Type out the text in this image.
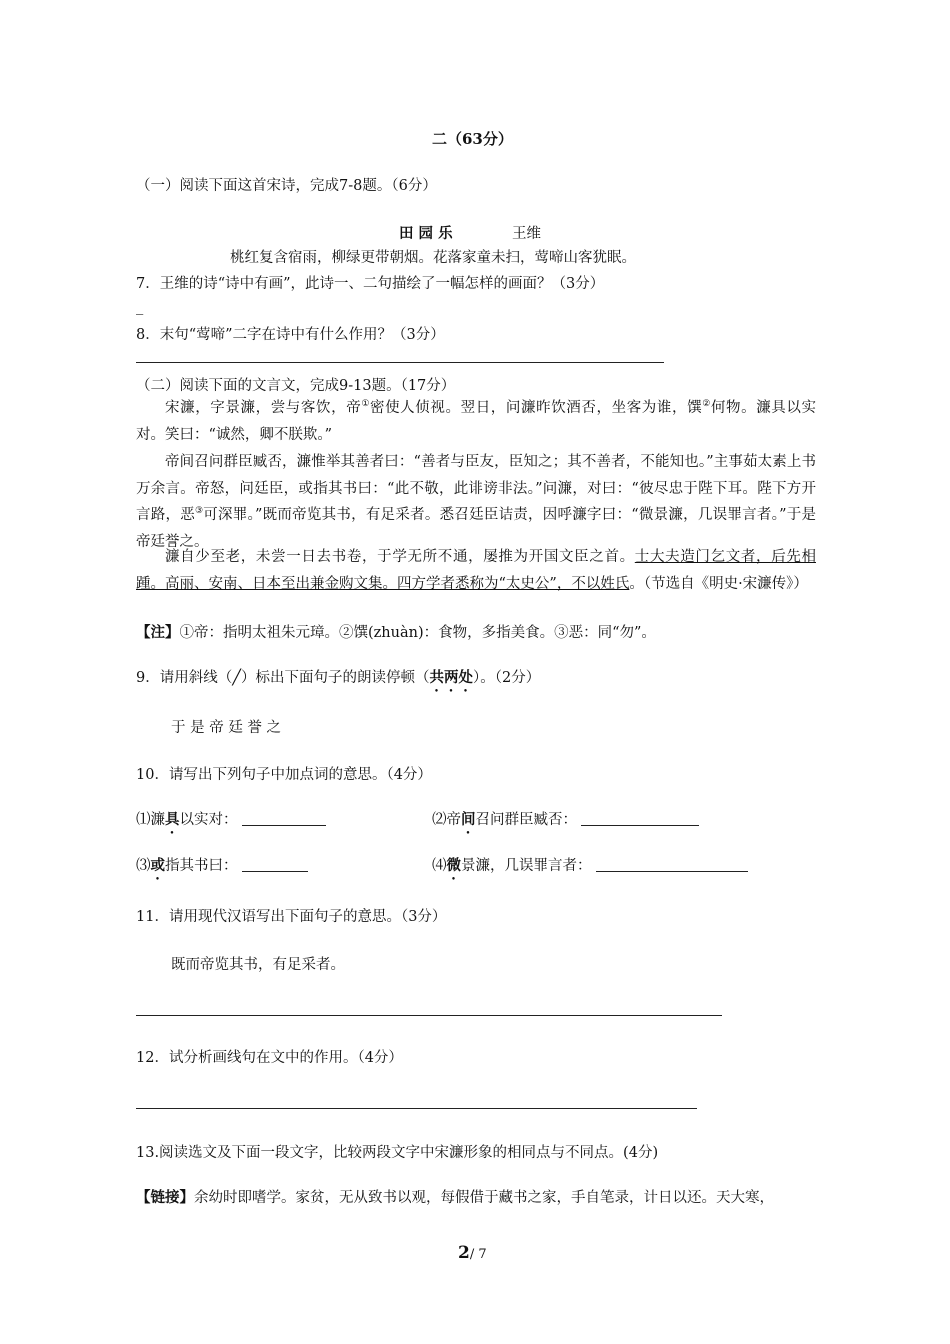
二（63分）
（一）阅读下面这首宋诗，完成7-8题。（6分）
田 园 乐	王维
桃红复含宿雨，柳绿更带朝烟。花落家童未扫，莺啼山客犹眠。
7．王维的诗“诗中有画”，此诗一、二句描绘了一幅怎样的画面？（3分）
_
8．末句“莺啼”二字在诗中有什么作用？（3分）
（二）阅读下面的文言文，完成9-13题。（17分）
宋濂，字景濂，尝与客饮，帝①密使人侦视。翌日，问濂昨饮酒否，坐客为谁，馔②何物。濂具以实对。笑曰：“诚然，卿不朕欺。”
帝间召问群臣臧否，濂惟举其善者曰：“善者与臣友，臣知之；其不善者，不能知也。”主事茹太素上书万余言。帝怒，问廷臣，或指其书曰：“此不敬，此诽谤非法。”问濂，对曰：“彼尽忠于陛下耳。陛下方开言路，恶③可深罪。”既而帝览其书，有足采者。悉召廷臣诘责，因呼濂字曰：“微景濂，几误罪言者。”于是帝廷誉之。
濂自少至老，未尝一日去书卷，于学无所不通，屡推为开国文臣之首。士大夫造门乞文者，后先相踵。高丽、安南、日本至出兼金购文集。四方学者悉称为“太史公”，不以姓氏。（节选自《明史·宋濂传》）
【注】①帝：指明太祖朱元璋。②馔(zhuàn)：食物，多指美食。③恶：同“勿”。
9．请用斜线（╱）标出下面句子的朗读停顿（共两处）。（2分）
于 是 帝 廷 誉 之
10．请写出下列句子中加点词的意思。（4分）
⑴濂具以实对：	⑵帝间召问群臣臧否：
⑶或指其书曰：	⑷微景濂，几误罪言者：
11．请用现代汉语写出下面句子的意思。（3分）
既而帝览其书，有足采者。
12．试分析画线句在文中的作用。（4分）
13.阅读选文及下面一段文字，比较两段文字中宋濂形象的相同点与不同点。(4分)
【链接】余幼时即嗜学。家贫，无从致书以观，每假借于藏书之家，手自笔录，计日以还。天大寒，
2/ 7
